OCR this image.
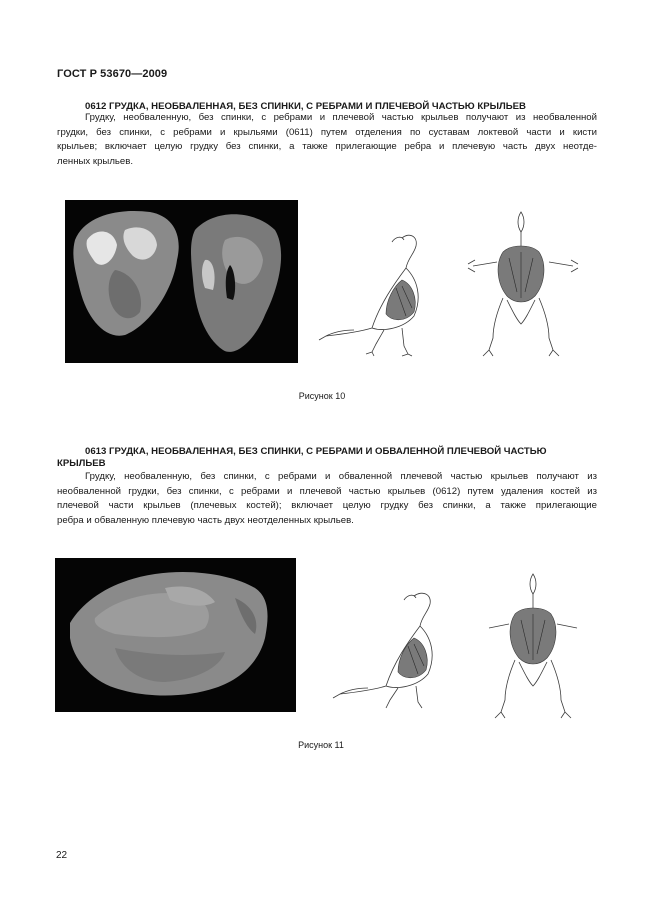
ГОСТ Р 53670—2009
0612 ГРУДКА, НЕОБВАЛЕННАЯ, БЕЗ СПИНКИ, С РЕБРАМИ И ПЛЕЧЕВОЙ ЧАСТЬЮ КРЫЛЬЕВ
Грудку, необваленную, без спинки, с ребрами и плечевой частью крыльев получают из необваленной
грудки, без спинки, с ребрами и крыльями (0611) путем отделения по суставам локтевой части и кисти
крыльев; включает целую грудку без спинки, а также прилегающие ребра и плечевую часть двух неотде-
ленных крыльев.
Рисунок 10
0613 ГРУДКА, НЕОБВАЛЕННАЯ, БЕЗ СПИНКИ, С РЕБРАМИ И ОБВАЛЕННОЙ ПЛЕЧЕВОЙ ЧАСТЬЮ
КРЫЛЬЕВ
Грудку, необваленную, без спинки, с ребрами и обваленной плечевой частью крыльев получают из
необваленной грудки, без спинки, с ребрами и плечевой частью крыльев (0612) путем удаления костей из
плечевой части крыльев (плечевых костей); включает целую грудку без спинки, а также прилегающие
ребра и обваленную плечевую часть двух неотделенных крыльев.
Рисунок 11
22
